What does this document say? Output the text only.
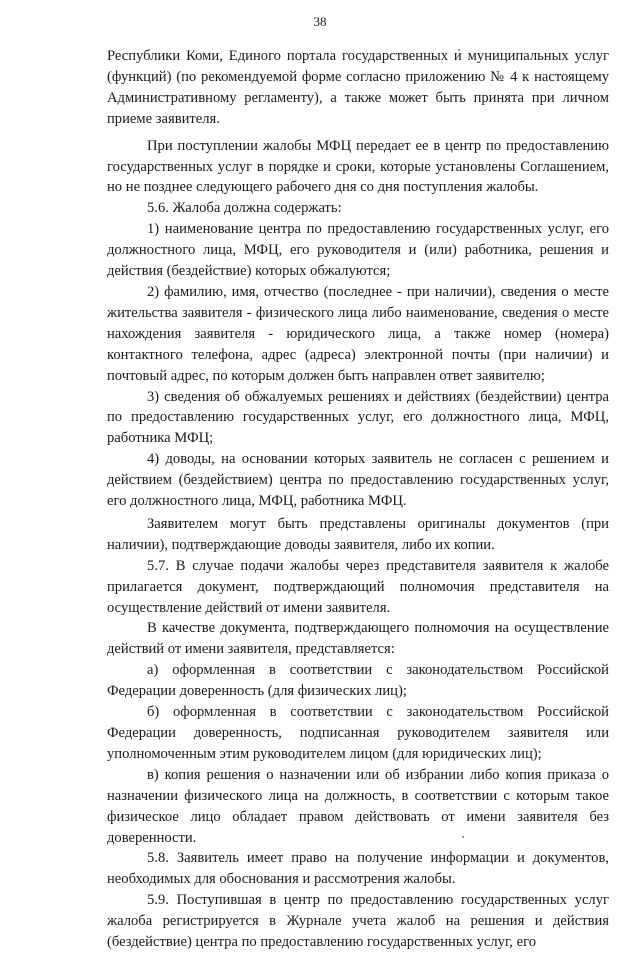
38

Республики Коми, Единого портала государственных и муниципальных услуг (функций) (по рекомендуемой форме согласно приложению № 4 к настоящему Административному регламенту), а также может быть принята при личном приеме заявителя.

При поступлении жалобы МФЦ передает ее в центр по предоставлению государственных услуг в порядке и сроки, которые установлены Соглашением, но не позднее следующего рабочего дня со дня поступления жалобы.

5.6. Жалоба должна содержать:

1) наименование центра по предоставлению государственных услуг, его должностного лица, МФЦ, его руководителя и (или) работника, решения и действия (бездействие) которых обжалуются;

2) фамилию, имя, отчество (последнее - при наличии), сведения о месте жительства заявителя - физического лица либо наименование, сведения о месте нахождения заявителя - юридического лица, а также номер (номера) контактного телефона, адрес (адреса) электронной почты (при наличии) и почтовый адрес, по которым должен быть направлен ответ заявителю;

3) сведения об обжалуемых решениях и действиях (бездействии) центра по предоставлению государственных услуг, его должностного лица, МФЦ, работника МФЦ;

4) доводы, на основании которых заявитель не согласен с решением и действием (бездействием) центра по предоставлению государственных услуг, его должностного лица, МФЦ, работника МФЦ.

Заявителем могут быть представлены оригиналы документов (при наличии), подтверждающие доводы заявителя, либо их копии.

5.7. В случае подачи жалобы через представителя заявителя к жалобе прилагается документ, подтверждающий полномочия представителя на осуществление действий от имени заявителя.

В качестве документа, подтверждающего полномочия на осуществление действий от имени заявителя, представляется:

а) оформленная в соответствии с законодательством Российской Федерации доверенность (для физических лиц);

б) оформленная в соответствии с законодательством Российской Федерации доверенность, подписанная руководителем заявителя или уполномоченным этим руководителем лицом (для юридических лиц);

в) копия решения о назначении или об избрании либо копия приказа о назначении физического лица на должность, в соответствии с которым такое физическое лицо обладает правом действовать от имени заявителя без доверенности.

5.8. Заявитель имеет право на получение информации и документов, необходимых для обоснования и рассмотрения жалобы.

5.9. Поступившая в центр по предоставлению государственных услуг жалоба регистрируется в Журнале учета жалоб на решения и действия (бездействие) центра по предоставлению государственных услуг, его
